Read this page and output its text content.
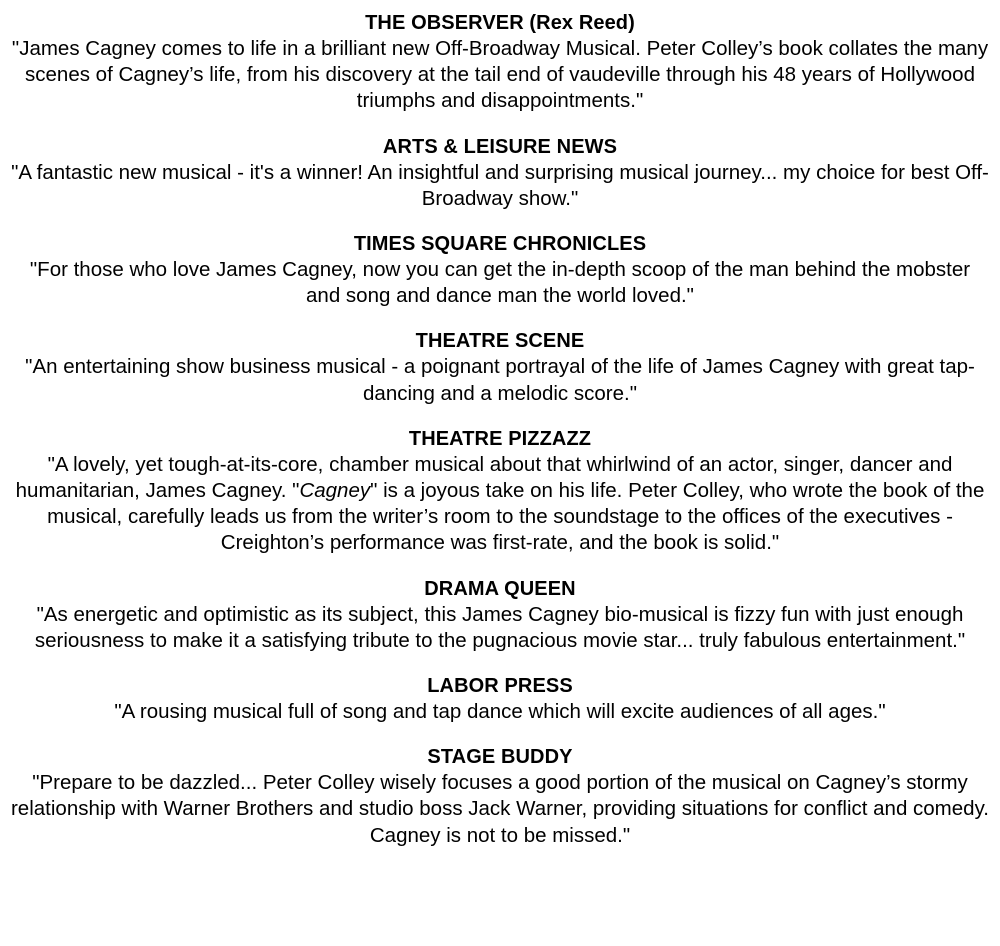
THE OBSERVER (Rex Reed)

"James Cagney comes to life in a brilliant new Off-Broadway Musical. Peter Colley’s book collates the many scenes of Cagney’s life, from his discovery at the tail end of vaudeville through his 48 years of Hollywood triumphs and disappointments."

ARTS & LEISURE NEWS

"A fantastic new musical - it's a winner! An insightful and surprising musical journey... my choice for best Off-Broadway show."

TIMES SQUARE CHRONICLES

"For those who love James Cagney, now you can get the in-depth scoop of the man behind the mobster and song and dance man the world loved."

THEATRE SCENE

"An entertaining show business musical - a poignant portrayal of the life of James Cagney with great tap-dancing and a melodic score."

THEATRE PIZZAZZ

"A lovely, yet tough-at-its-core, chamber musical about that whirlwind of an actor, singer, dancer and humanitarian, James Cagney. "Cagney" is a joyous take on his life. Peter Colley, who wrote the book of the musical, carefully leads us from the writer’s room to the soundstage to the offices of the executives - Creighton’s performance was first-rate, and the book is solid."

DRAMA QUEEN

"As energetic and optimistic as its subject, this James Cagney bio-musical is fizzy fun with just enough seriousness to make it a satisfying tribute to the pugnacious movie star... truly fabulous entertainment."

LABOR PRESS

"A rousing musical full of song and tap dance which will excite audiences of all ages."

STAGE BUDDY

"Prepare to be dazzled... Peter Colley wisely focuses a good portion of the musical on Cagney’s stormy relationship with Warner Brothers and studio boss Jack Warner, providing situations for conflict and comedy. Cagney is not to be missed."
